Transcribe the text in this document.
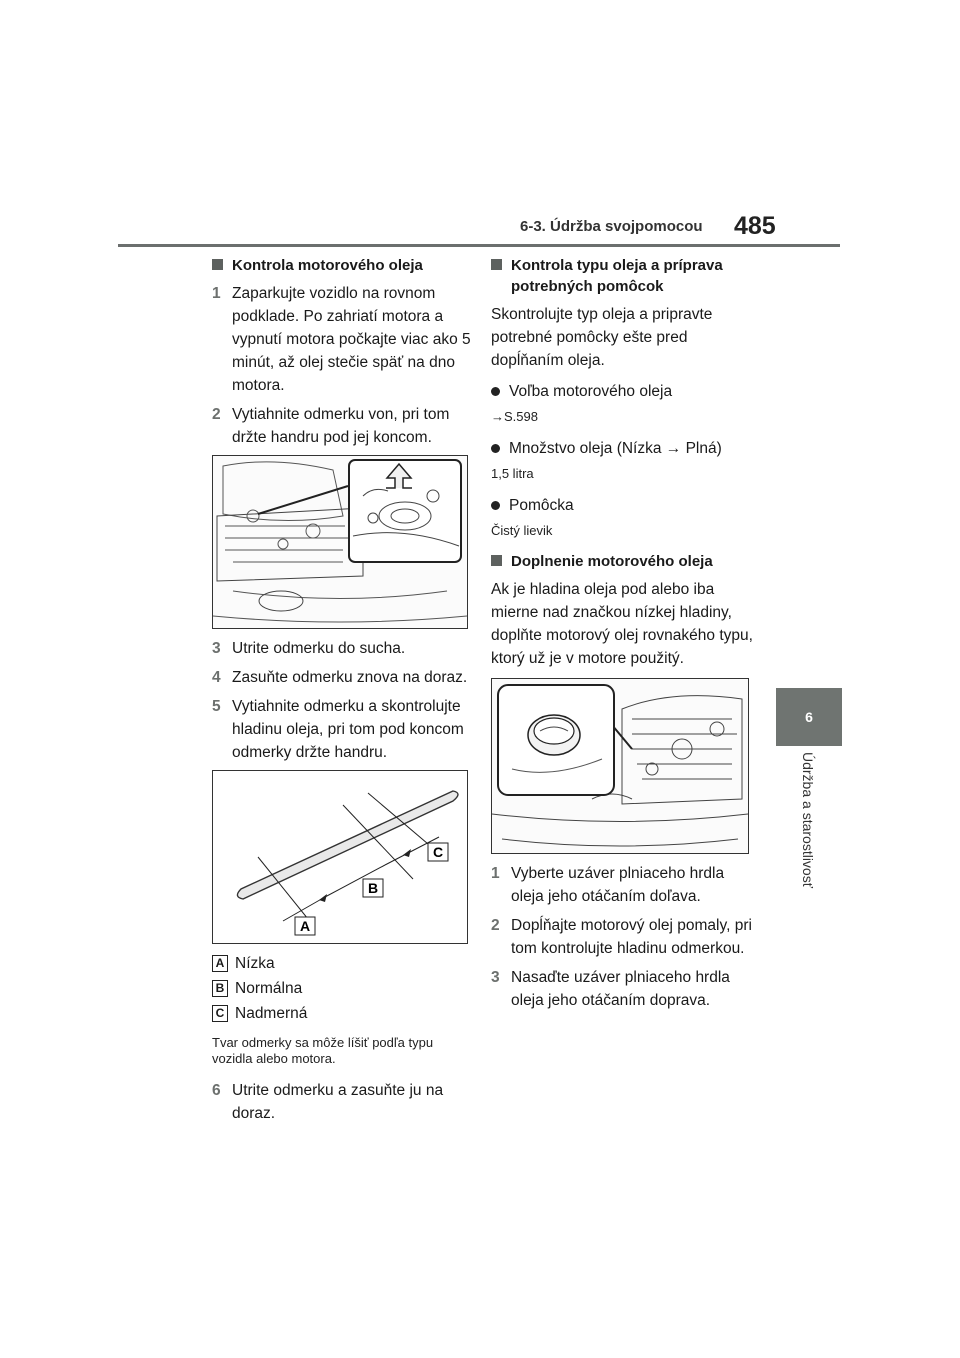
6-3. Údržba svojpomocou 485
6
Údržba a starostlivosť
Kontrola motorového oleja
1 Zaparkujte vozidlo na rovnom podklade. Po zahriatí motora a vypnutí motora počkajte viac ako 5 minút, až olej stečie späť na dno motora.
2 Vytiahnite odmerku von, pri tom držte handru pod jej koncom.
3 Utrite odmerku do sucha.
4 Zasuňte odmerku znova na doraz.
5 Vytiahnite odmerku a skontrolujte hladinu oleja, pri tom pod koncom odmerky držte handru.
A
B
C
A Nízka
B Normálna
C Nadmerná
Tvar odmerky sa môže líšiť podľa typu vozidla alebo motora.
6 Utrite odmerku a zasuňte ju na doraz.
Kontrola typu oleja a príprava potrebných pomôcok
Skontrolujte typ oleja a pripravte potrebné pomôcky ešte pred dopĺňaním oleja.
Voľba motorového oleja
→S.598
Množstvo oleja (Nízka → Plná)
1,5 litra
Pomôcka
Čistý lievik
Doplnenie motorového oleja
Ak je hladina oleja pod alebo iba mierne nad značkou nízkej hladiny, doplňte motorový olej rovnakého typu, ktorý už je v motore použitý.
1 Vyberte uzáver plniaceho hrdla oleja jeho otáčaním doľava.
2 Dopĺňajte motorový olej pomaly, pri tom kontrolujte hladinu odmerkou.
3 Nasaďte uzáver plniaceho hrdla oleja jeho otáčaním doprava.
